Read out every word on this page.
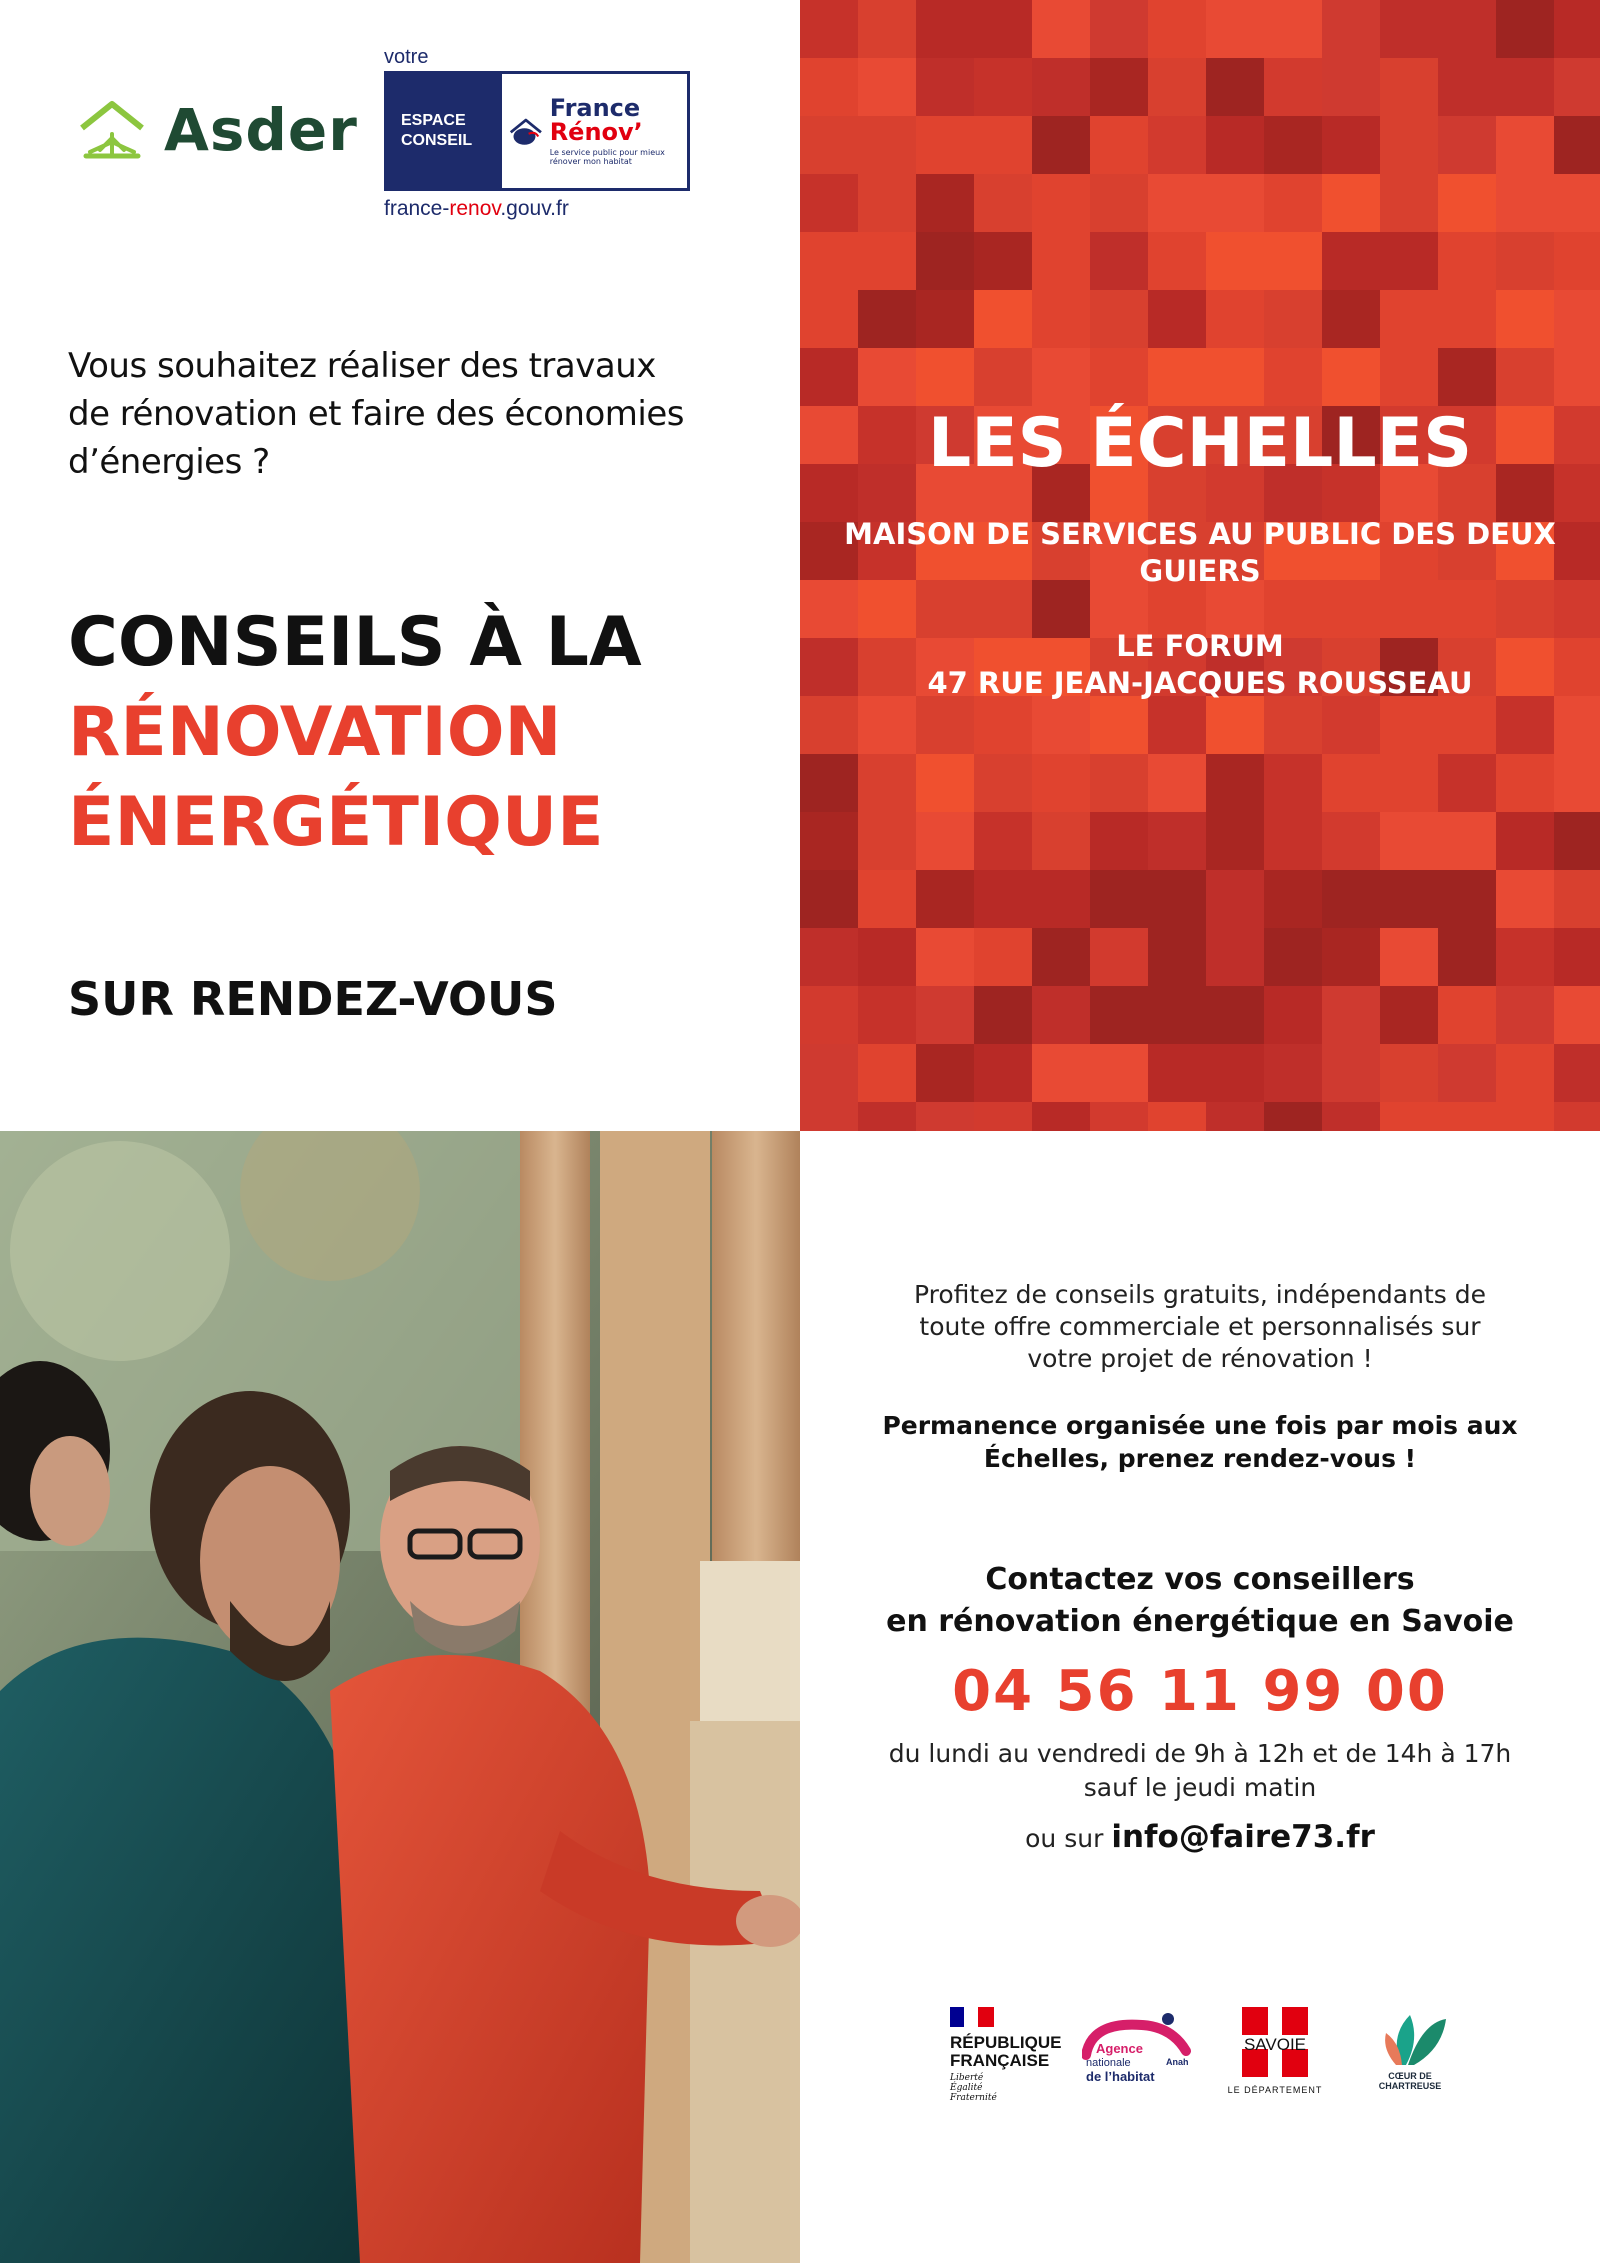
Asder
votre
ESPACE
CONSEIL
France
Rénov’
Le service public pour mieux rénover mon habitat
france-renov.gouv.fr
Vous souhaitez réaliser des travaux
de rénovation et faire des économies
d’énergies ?
CONSEILS À LA
RÉNOVATION
ÉNERGÉTIQUE
SUR RENDEZ-VOUS
LES ÉCHELLES
MAISON DE SERVICES AU PUBLIC DES DEUX
GUIERS
LE FORUM
47 RUE JEAN-JACQUES ROUSSEAU
Profitez de conseils gratuits, indépendants de
toute offre commerciale et personnalisés sur
votre projet de rénovation !
Permanence organisée une fois par mois aux
Échelles, prenez rendez-vous !
Contactez vos conseillers
en rénovation énergétique en Savoie
04 56 11 99 00
du lundi au vendredi de 9h à 12h et de 14h à 17h
sauf le jeudi matin
ou sur info@faire73.fr
RÉPUBLIQUE
FRANÇAISE
Liberté
Égalité
Fraternité
Agence
nationale
de l’habitat
Anah
SAVOIE
LE DÉPARTEMENT
CŒUR DE CHARTREUSE
